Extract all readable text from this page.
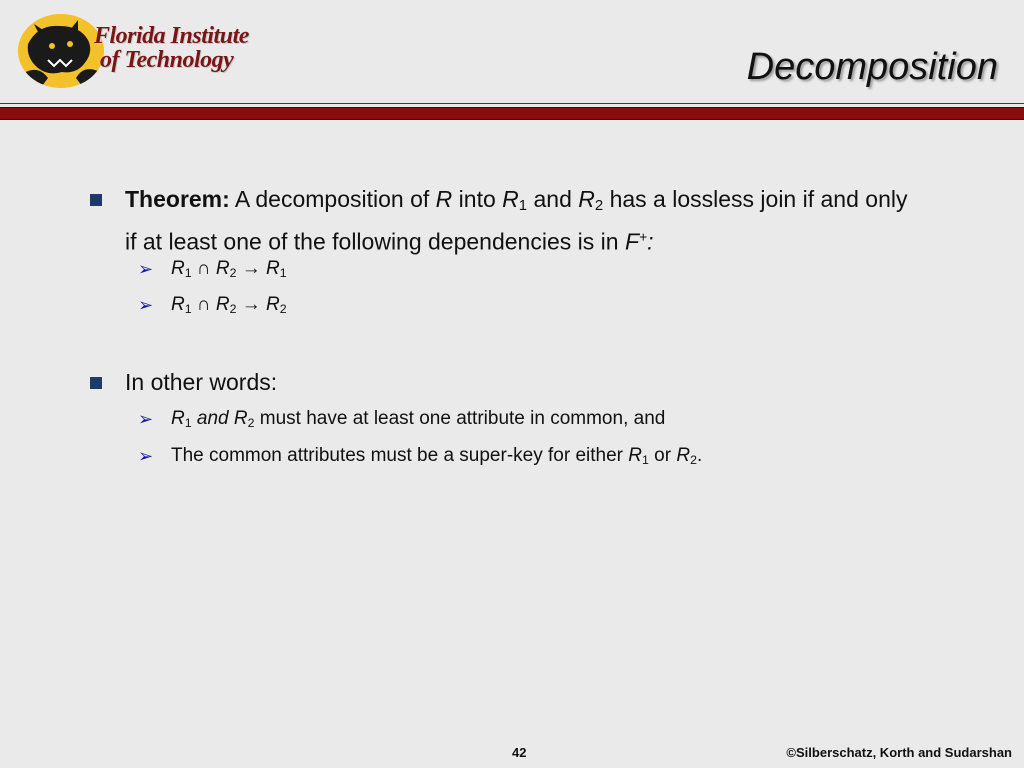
Florida Institute
of Technology	Decomposition
Theorem: A decomposition of R into $R_1$ and $R_2$ has a lossless join if and only if at least one of the following dependencies is in F+:
➢ $R_1$ ∩ $R_2 \to R_1$
➢ $R_1$ ∩ $R_2 \to R_2$
In other words:
➢ $R_1$ and $R_2$ must have at least one attribute in common, and
➢ The common attributes must be a super-key for either $R_1$ or $R_2$.
42	©Silberschatz, Korth and Sudarshan
